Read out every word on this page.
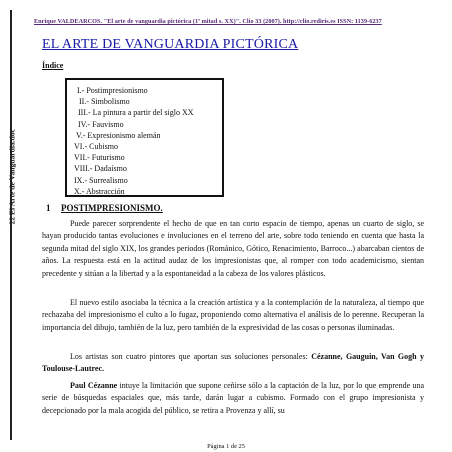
22 El Arte de Vanguardia.doc
Enrique VALDEARCOS. "El arte de vanguardia pictórica (1ª mitad s. XX)". Clío 33 (2007). http://clio.rediris.es ISSN: 1139-6237
EL ARTE DE VANGUARDIA PICTÓRICA
Índice
I.- Postimpresionismo
II.- Simbolismo
III.- La pintura a partir del siglo XX
IV.- Fauvismo
V.- Expresionismo alemán
VI.- Cubismo
VII.- Futurismo
VIII.- Dadaísmo
IX.- Surrealismo
X.- Abstracción
1 POSTIMPRESIONISMO.

Puede parecer sorprendente el hecho de que en tan corto espacio de tiempo, apenas un cuarto de siglo, se hayan producido tantas evoluciones e involuciones en el terreno del arte, sobre todo teniendo en cuenta que hasta la segunda mitad del siglo XIX, los grandes periodos (Románico, Gótico, Renacimiento, Barroco...) abarcaban cientos de años. La respuesta está en la actitud audaz de los impresionistas que, al romper con todo academicismo, sientan precedente y sitúan a la libertad y a la espontaneidad a la cabeza de los valores plásticos.

El nuevo estilo asociaba la técnica a la creación artística y a la contemplación de la naturaleza, al tiempo que rechazaba del impresionismo el culto a lo fugaz, proponiendo como alternativa el análisis de lo perenne. Recuperan la importancia del dibujo, también de la luz, pero también de la expresividad de las cosas o personas iluminadas.

Los artistas son cuatro pintores que aportan sus soluciones personales: Cézanne, Gauguin, Van Gogh y Toulouse-Lautrec.

Paul Cézanne intuye la limitación que supone ceñirse sólo a la captación de la luz, por lo que emprende una serie de búsquedas espaciales que, más tarde, darán lugar a cubismo. Formado con el grupo impresionista y decepcionado por la mala acogida del público, se retira a Provenza y allí, su

Página 1 de 25
